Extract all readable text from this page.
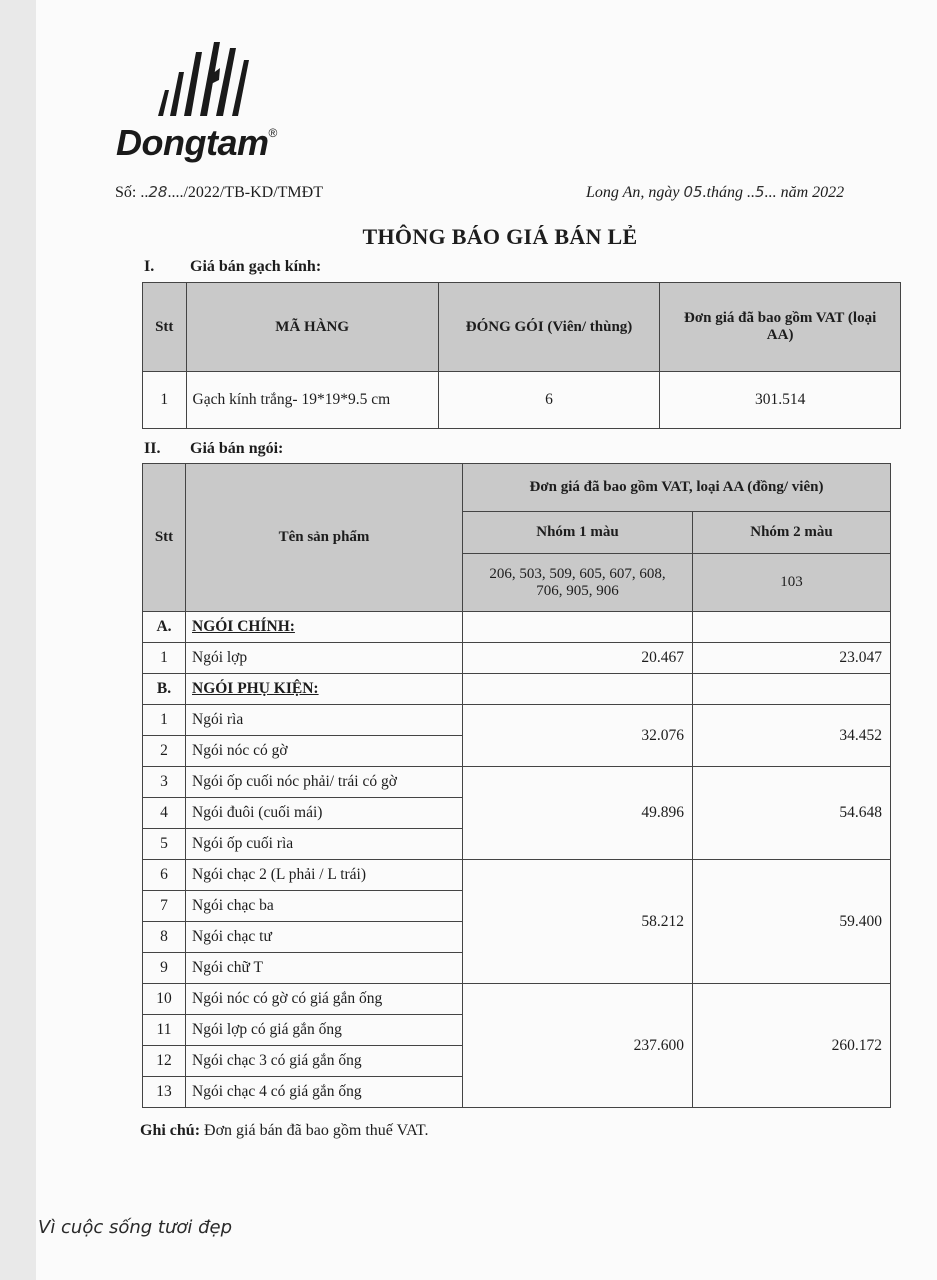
Dongtam®
Số: ..28..../2022/TB-KD/TMĐT	Long An, ngày 05.tháng ..5... năm 2022
THÔNG BÁO GIÁ BÁN LẺ
I. Giá bán gạch kính:
Stt	MÃ HÀNG	ĐÓNG GÓI (Viên/ thùng)	Đơn giá đã bao gồm VAT (loại AA)
1	Gạch kính trắng- 19*19*9.5 cm	6	301.514
II. Giá bán ngói:
Stt	Tên sản phẩm	Đơn giá đã bao gồm VAT, loại AA (đồng/ viên)	
		Nhóm 1 màu	Nhóm 2 màu
		206, 503, 509, 605, 607, 608, 706, 905, 906	103
A.	NGÓI CHÍNH:		
1	Ngói lợp	20.467	23.047
B.	NGÓI PHỤ KIỆN:		
1	Ngói rìa	32.076	34.452
2	Ngói nóc có gờ		
3	Ngói ốp cuối nóc phải/ trái có gờ	49.896	54.648
4	Ngói đuôi (cuối mái)		
5	Ngói ốp cuối rìa		
6	Ngói chạc 2 (L phải / L trái)	58.212	59.400
7	Ngói chạc ba		
8	Ngói chạc tư		
9	Ngói chữ T		
10	Ngói nóc có gờ có giá gắn ống	237.600	260.172
11	Ngói lợp có giá gắn ống		
12	Ngói chạc 3 có giá gắn ống		
13	Ngói chạc 4 có giá gắn ống		
Ghi chú: Đơn giá bán đã bao gồm thuế VAT.
Vì cuộc sống tươi đẹp
